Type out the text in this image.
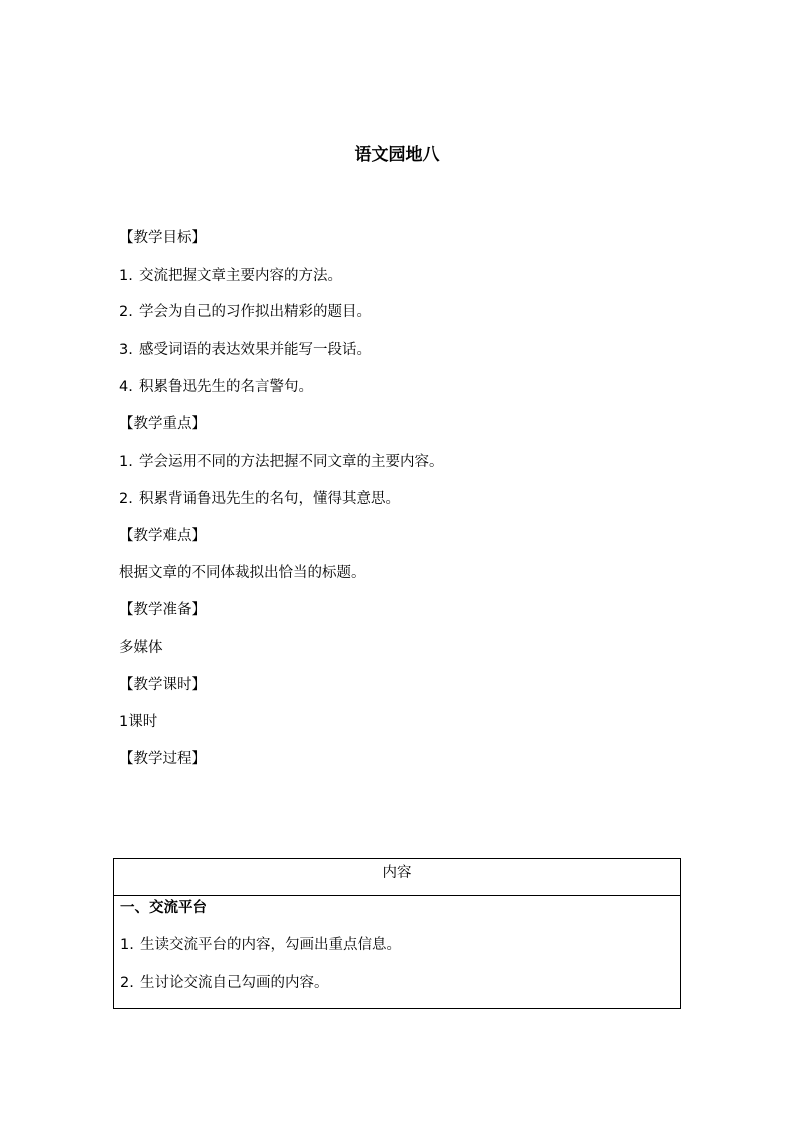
语文园地八
【教学目标】
1. 交流把握文章主要内容的方法。
2. 学会为自己的习作拟出精彩的题目。
3. 感受词语的表达效果并能写一段话。
4. 积累鲁迅先生的名言警句。
【教学重点】
1. 学会运用不同的方法把握不同文章的主要内容。
2. 积累背诵鲁迅先生的名句，懂得其意思。
【教学难点】
根据文章的不同体裁拟出恰当的标题。
【教学准备】
多媒体
【教学课时】
1课时
【教学过程】
内容
一、交流平台
1. 生读交流平台的内容，勾画出重点信息。
2. 生讨论交流自己勾画的内容。
